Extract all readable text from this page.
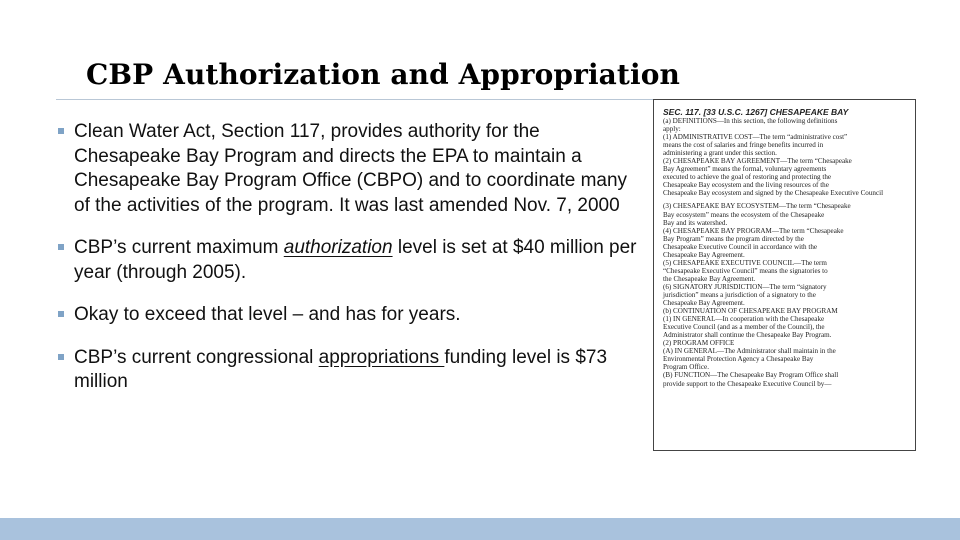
CBP Authorization and Appropriation
Clean Water Act, Section 117, provides authority for the Chesapeake Bay Program and directs the EPA to maintain a Chesapeake Bay Program Office (CBPO) and to coordinate many of the activities of the program. It was last amended Nov. 7, 2000
CBP’s current maximum authorization level is set at $40 million per year (through 2005).
Okay to exceed that level – and has for years.
CBP’s current congressional appropriations funding level is $73 million
SEC. 117. [33 U.S.C. 1267] CHESAPEAKE BAY
(a) DEFINITIONS—In this section, the following definitions
apply:
(1) ADMINISTRATIVE COST—The term “administrative cost”
means the cost of salaries and fringe benefits incurred in
administering a grant under this section.
(2) CHESAPEAKE BAY AGREEMENT—The term “Chesapeake
Bay Agreement” means the formal, voluntary agreements
executed to achieve the goal of restoring and protecting the
Chesapeake Bay ecosystem and the living resources of the
Chesapeake Bay ecosystem and signed by the Chesapeake Executive Council
(3) CHESAPEAKE BAY ECOSYSTEM—The term “Chesapeake
Bay ecosystem” means the ecosystem of the Chesapeake
Bay and its watershed.
(4) CHESAPEAKE BAY PROGRAM—The term “Chesapeake
Bay Program” means the program directed by the
Chesapeake Executive Council in accordance with the
Chesapeake Bay Agreement.
(5) CHESAPEAKE EXECUTIVE COUNCIL—The term
“Chesapeake Executive Council” means the signatories to
the Chesapeake Bay Agreement.
(6) SIGNATORY JURISDICTION—The term “signatory
jurisdiction” means a jurisdiction of a signatory to the
Chesapeake Bay Agreement.
(b) CONTINUATION OF CHESAPEAKE BAY PROGRAM
(1) IN GENERAL—In cooperation with the Chesapeake
Executive Council (and as a member of the Council), the
Administrator shall continue the Chesapeake Bay Program.
(2) PROGRAM OFFICE
(A) IN GENERAL—The Administrator shall maintain in the
Environmental Protection Agency a Chesapeake Bay
Program Office.
(B) FUNCTION—The Chesapeake Bay Program Office shall
provide support to the Chesapeake Executive Council by—
